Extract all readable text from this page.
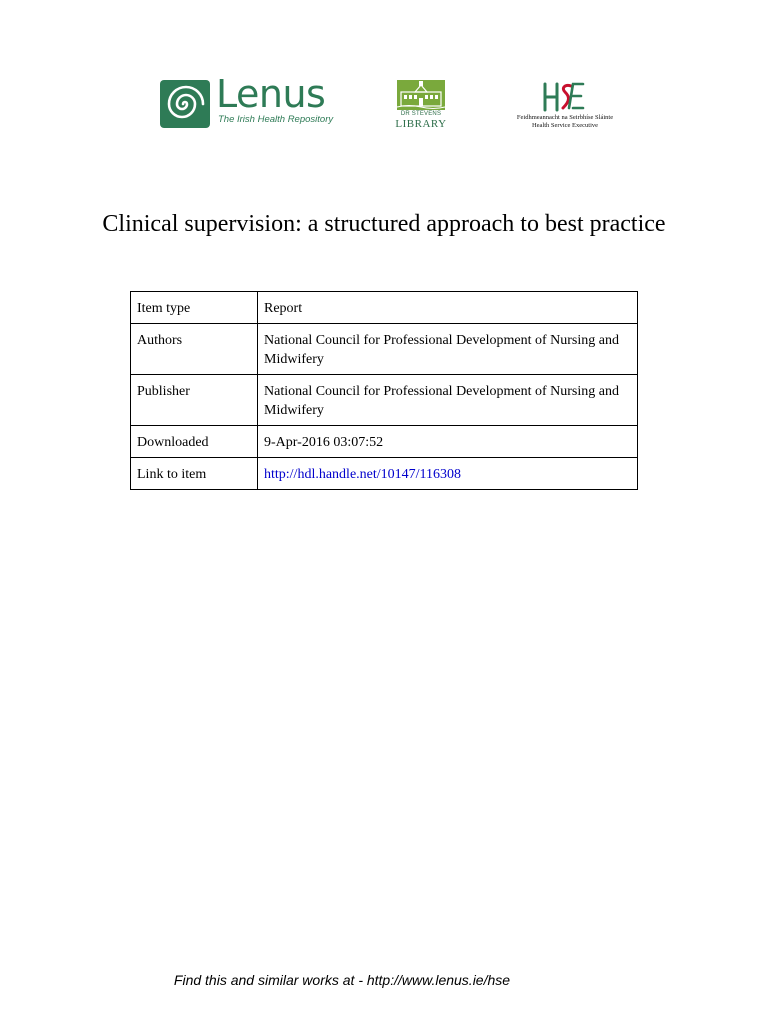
Lenus
The Irish Health Repository	DR STEVENS
LIBRARY
Feidhmeannacht na Seirbhíse Sláinte
Health Service Executive
Clinical supervision: a structured approach to best practice
Item type	Report
Authors	National Council for Professional Development of Nursing and Midwifery
Publisher	National Council for Professional Development of Nursing and Midwifery
Downloaded	9-Apr-2016 03:07:52
Link to item	http://hdl.handle.net/10147/116308
Find this and similar works at - http://www.lenus.ie/hse
